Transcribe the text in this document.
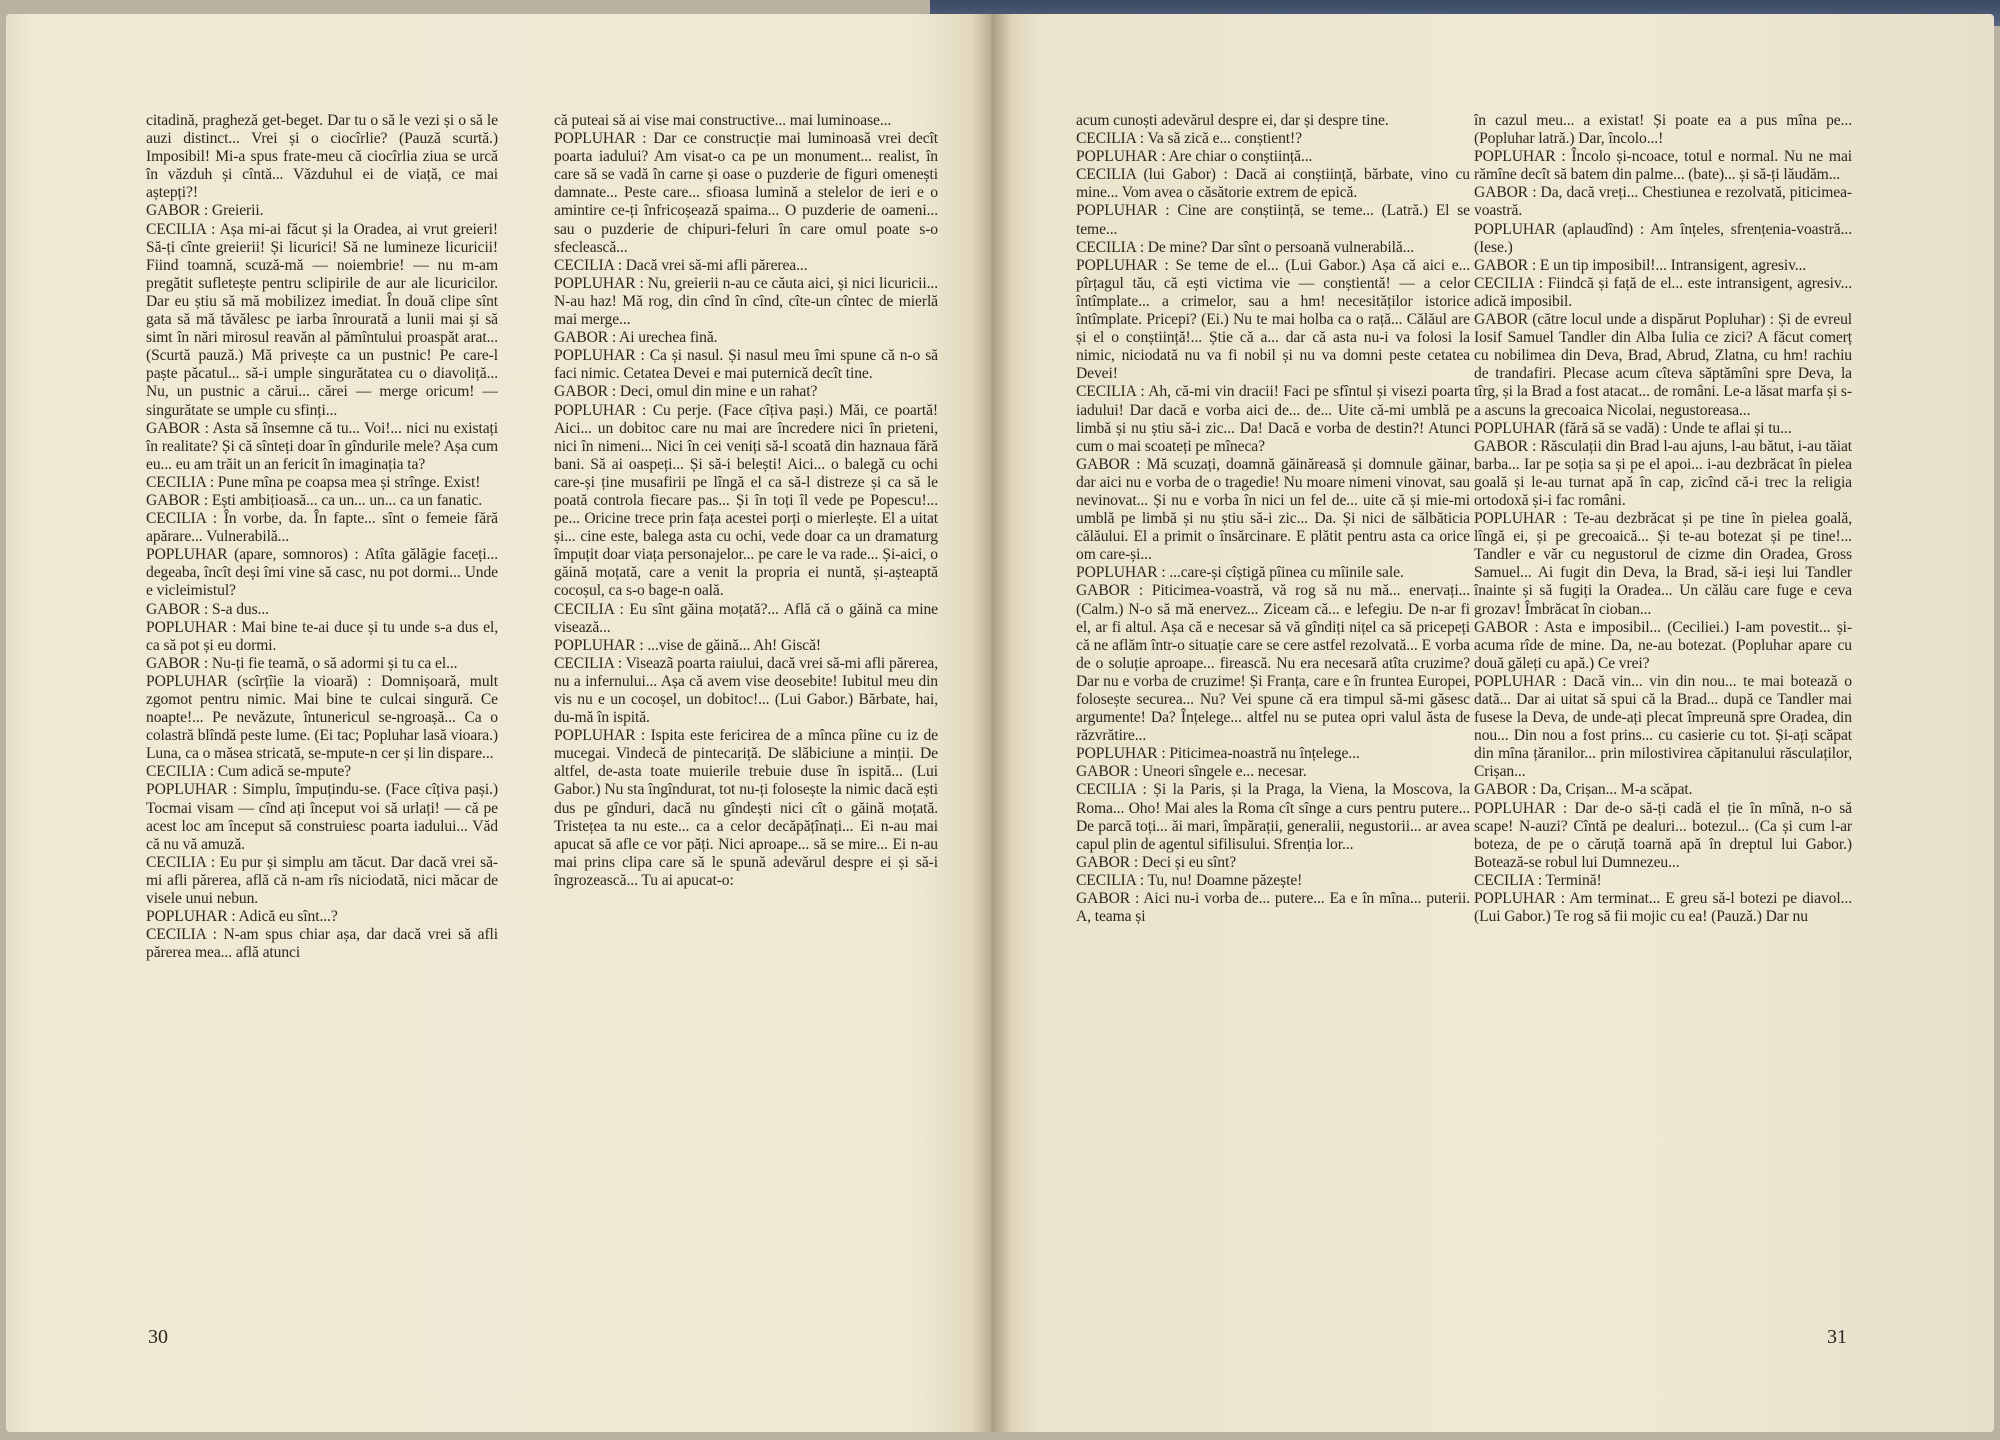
citadină, pragheză get-beget. Dar tu o să le vezi și o să le auzi distinct... Vrei și o ciocîrlie? (Pauză scurtă.) Imposibil! Mi-a spus frate-meu că ciocîrlia ziua se urcă în văzduh și cîntă... Văzduhul ei de viață, ce mai aștepți?!

GABOR : Greierii.

CECILIA : Așa mi-ai făcut și la Oradea, ai vrut greieri! Să-ți cînte greierii! Și licurici! Să ne lumineze licuricii! Fiind toamnă, scuză-mă — noiembrie! — nu m-am pregătit sufletește pentru sclipirile de aur ale licuricilor. Dar eu știu să mă mobilizez imediat. În două clipe sînt gata să mă tăvălesc pe iarba înrourată a lunii mai și să simt în nări mirosul reavăn al pămîntului proaspăt arat... (Scurtă pauză.) Mă privește ca un pustnic! Pe care-l paște păcatul... să-i umple singurătatea cu o diavoliță... Nu, un pustnic a cărui... cărei — merge oricum! — singurătate se umple cu sfinți...

GABOR : Asta să însemne că tu... Voi!... nici nu existați în realitate? Și că sînteți doar în gîndurile mele? Așa cum eu... eu am trăit un an fericit în imaginația ta?

CECILIA : Pune mîna pe coapsa mea și strînge. Exist!

GABOR : Ești ambițioasă... ca un... un... ca un fanatic.

CECILIA : În vorbe, da. În fapte... sînt o femeie fără apărare... Vulnerabilă...

POPLUHAR (apare, somnoros) : Atîta gălăgie faceți... degeaba, încît deși îmi vine să casc, nu pot dormi... Unde e vicleimistul?

GABOR : S-a dus...

POPLUHAR : Mai bine te-ai duce și tu unde s-a dus el, ca să pot și eu dormi.

GABOR : Nu-ți fie teamă, o să adormi și tu ca el...

POPLUHAR (scîrțîie la vioară) : Domnișoară, mult zgomot pentru nimic. Mai bine te culcai singură. Ce noapte!... Pe nevăzute, întunericul se-ngroașă... Ca o colastră blîndă peste lume. (Ei tac; Popluhar lasă vioara.) Luna, ca o măsea stricată, se-mpute-n cer și lin dispare...

CECILIA : Cum adică se-mpute?

POPLUHAR : Simplu, împuțindu-se. (Face cîțiva pași.) Tocmai visam — cînd ați început voi să urlați! — că pe acest loc am început să construiesc poarta iadului... Văd că nu vă amuză.

CECILIA : Eu pur și simplu am tăcut. Dar dacă vrei să-mi afli părerea, află că n-am rîs niciodată, nici măcar de visele unui nebun.

POPLUHAR : Adică eu sînt...?

CECILIA : N-am spus chiar așa, dar dacă vrei să afli părerea mea... află atunci

că puteai să ai vise mai constructive... mai luminoase...

POPLUHAR : Dar ce construcție mai luminoasă vrei decît poarta iadului? Am visat-o ca pe un monument... realist, în care să se vadă în carne și oase o puzderie de figuri omenești damnate... Peste care... sfioasa lumină a stelelor de ieri e o amintire ce-ți înfricoșează spaima... O puzderie de oameni... sau o puzderie de chipuri-feluri în care omul poate s-o sfeclească...

CECILIA : Dacă vrei să-mi afli părerea...

POPLUHAR : Nu, greierii n-au ce căuta aici, și nici licuricii... N-au haz! Mă rog, din cînd în cînd, cîte-un cîntec de mierlă mai merge...

GABOR : Ai urechea fină.

POPLUHAR : Ca și nasul. Și nasul meu îmi spune că n-o să faci nimic. Cetatea Devei e mai puternică decît tine.

GABOR : Deci, omul din mine e un rahat?

POPLUHAR : Cu perje. (Face cîțiva pași.) Măi, ce poartă! Aici... un dobitoc care nu mai are încredere nici în prieteni, nici în nimeni... Nici în cei veniți să-l scoată din haznaua fără bani. Să ai oaspeți... Și să-i belești! Aici... o balegă cu ochi care-și ține musafirii pe lîngă el ca să-l distreze și ca să le poată controla fiecare pas... Și în toți îl vede pe Popescu!... pe... Oricine trece prin fața acestei porți o mierlește. El a uitat și... cine este, balega asta cu ochi, vede doar ca un dramaturg împuțit doar viața personajelor... pe care le va rade... Și-aici, o găină moțată, care a venit la propria ei nuntă, și-așteaptă cocoșul, ca s-o bage-n oală.

CECILIA : Eu sînt găina moțată?... Află că o găină ca mine visează...

POPLUHAR : ...vise de găină... Ah! Giscă!

CECILIA : Viseazã poarta raiului, dacă vrei să-mi afli părerea, nu a infernului... Așa că avem vise deosebite! Iubitul meu din vis nu e un cocoșel, un dobitoc!... (Lui Gabor.) Bărbate, hai, du-mă în ispită.

POPLUHAR : Ispita este fericirea de a mînca pîine cu iz de mucegai. Vindecă de pintecariță. De slăbiciune a minții. De altfel, de-asta toate muierile trebuie duse în ispită... (Lui Gabor.) Nu sta îngîndurat, tot nu-ți folosește la nimic dacă ești dus pe gînduri, dacă nu gîndești nici cît o găină moțată. Tristețea ta nu este... ca a celor decăpățînați... Ei n-au mai apucat să afle ce vor păți. Nici aproape... să se mire... Ei n-au mai prins clipa care să le spună adevărul despre ei și să-i îngrozească... Tu ai apucat-o:

30

acum cunoști adevărul despre ei, dar și despre tine.

CECILIA : Va să zică e... conștient!?

POPLUHAR : Are chiar o conștiință...

CECILIA (lui Gabor) : Dacă ai conștiință, bărbate, vino cu mine... Vom avea o căsătorie extrem de epică.

POPLUHAR : Cine are conștiință, se teme... (Latră.) El se teme...

CECILIA : De mine? Dar sînt o persoană vulnerabilă...

POPLUHAR : Se teme de el... (Lui Gabor.) Așa că aici e... pîrțagul tău, că ești victima vie — conștientă! — a celor întîmplate... a crimelor, sau a hm! necesităților istorice întîmplate. Pricepi? (Ei.) Nu te mai holba ca o rață... Călăul are și el o conștiință!... Știe că a... dar că asta nu-i va folosi la nimic, niciodată nu va fi nobil și nu va domni peste cetatea Devei!

CECILIA : Ah, că-mi vin dracii! Faci pe sfîntul și visezi poarta iadului! Dar dacă e vorba aici de... de... Uite că-mi umblă pe limbă și nu știu să-i zic... Da! Dacă e vorba de destin?! Atunci cum o mai scoateți pe mîneca?

GABOR : Mă scuzați, doamnă găinăreasă și domnule găinar, dar aici nu e vorba de o tragedie! Nu moare nimeni vinovat, sau nevinovat... Și nu e vorba în nici un fel de... uite că și mie-mi umblă pe limbă și nu știu să-i zic... Da. Și nici de sălbăticia călăului. El a primit o însărcinare. E plătit pentru asta ca orice om care-și...

POPLUHAR : ...care-și cîștigă pîinea cu mîinile sale.

GABOR : Piticimea-voastră, vă rog să nu mă... enervați... (Calm.) N-o să mă enervez... Ziceam că... e lefegiu. De n-ar fi el, ar fi altul. Așa că e necesar să vă gîndiți nițel ca să pricepeți că ne aflăm într-o situație care se cere astfel rezolvată... E vorba de o soluție aproape... firească. Nu era necesară atîta cruzime? Dar nu e vorba de cruzime! Și Franța, care e în fruntea Europei, folosește securea... Nu? Vei spune că era timpul să-mi găsesc argumente! Da? Înțelege... altfel nu se putea opri valul ăsta de răzvrătire...

POPLUHAR : Piticimea-noastră nu înțelege...

GABOR : Uneori sîngele e... necesar.

CECILIA : Și la Paris, și la Praga, la Viena, la Moscova, la Roma... Oho! Mai ales la Roma cît sînge a curs pentru putere... De parcă toți... ăi mari, împărații, generalii, negustorii... ar avea capul plin de agentul sifilisului. Sfrenția lor...

GABOR : Deci și eu sînt?

CECILIA : Tu, nu! Doamne păzește!

GABOR : Aici nu-i vorba de... putere... Ea e în mîna... puterii. A, teama și

în cazul meu... a existat! Și poate ea a pus mîna pe... (Popluhar latră.) Dar, încolo...!

POPLUHAR : Încolo și-ncoace, totul e normal. Nu ne mai rămîne decît să batem din palme... (bate)... și să-ți lăudăm...

GABOR : Da, dacă vreți... Chestiunea e rezolvată, piticimea-voastră.

POPLUHAR (aplaudînd) : Am înțeles, sfrențenia-voastră... (Iese.)

GABOR : E un tip imposibil!... Intransigent, agresiv...

CECILIA : Fiindcă și față de el... este intransigent, agresiv... adică imposibil.

GABOR (către locul unde a dispărut Popluhar) : Și de evreul Iosif Samuel Tandler din Alba Iulia ce zici? A făcut comerț cu nobilimea din Deva, Brad, Abrud, Zlatna, cu hm! rachiu de trandafiri. Plecase acum cîteva săptămîni spre Deva, la tîrg, și la Brad a fost atacat... de români. Le-a lăsat marfa și s-a ascuns la grecoaica Nicolai, negustoreasa...

POPLUHAR (fără să se vadă) : Unde te aflai și tu...

GABOR : Răsculații din Brad l-au ajuns, l-au bătut, i-au tăiat barba... Iar pe soția sa și pe el apoi... i-au dezbrăcat în pielea goală și le-au turnat apă în cap, zicînd că-i trec la religia ortodoxă și-i fac români.

POPLUHAR : Te-au dezbrăcat și pe tine în pielea goală, lîngă ei, și pe grecoaică... Și te-au botezat și pe tine!... Tandler e văr cu negustorul de cizme din Oradea, Gross Samuel... Ai fugit din Deva, la Brad, să-i ieși lui Tandler înainte și să fugiți la Oradea... Un călău care fuge e ceva grozav! Îmbrăcat în cioban...

GABOR : Asta e imposibil... (Ceciliei.) I-am povestit... și-acuma rîde de mine. Da, ne-au botezat. (Popluhar apare cu două găleți cu apă.) Ce vrei?

POPLUHAR : Dacă vin... vin din nou... te mai botează o dată... Dar ai uitat să spui că la Brad... după ce Tandler mai fusese la Deva, de unde-ați plecat împreună spre Oradea, din nou... Din nou a fost prins... cu casierie cu tot. Și-ați scăpat din mîna țăranilor... prin milostivirea căpitanului răsculaților, Crișan...

GABOR : Da, Crișan... M-a scăpat.

POPLUHAR : Dar de-o să-ți cadă el ție în mînă, n-o să scape! N-auzi? Cîntă pe dealuri... botezul... (Ca și cum l-ar boteza, de pe o căruță toarnă apă în dreptul lui Gabor.) Botează-se robul lui Dumnezeu...

CECILIA : Termină!

POPLUHAR : Am terminat... E greu să-l botezi pe diavol... (Lui Gabor.) Te rog să fii mojic cu ea! (Pauză.) Dar nu

31
